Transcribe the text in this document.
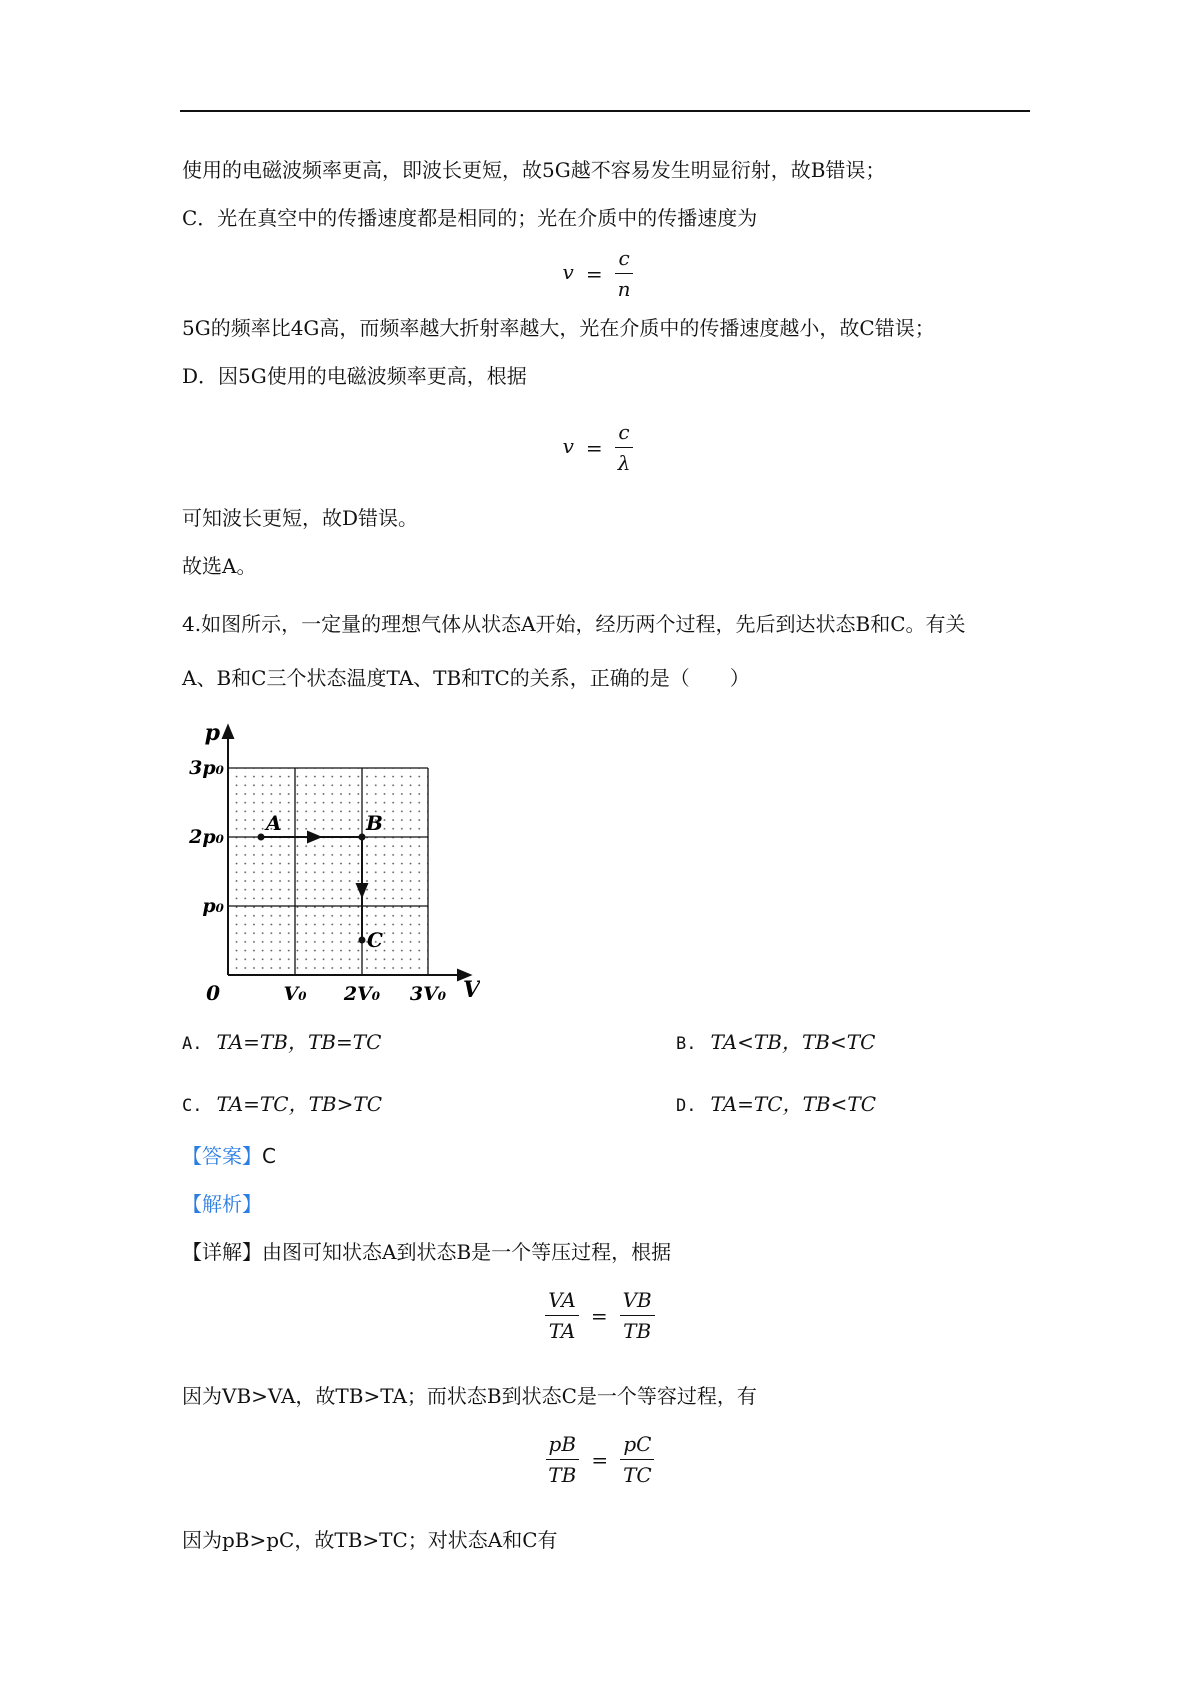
使用的电磁波频率更高，即波长更短，故5G越不容易发生明显衍射，故B错误；
C．光在真空中的传播速度都是相同的；光在介质中的传播速度为
$v = \frac{c}{n}$
5G的频率比4G高，而频率越大折射率越大，光在介质中的传播速度越小，故C错误；
D．因5G使用的电磁波频率更高，根据
$v = \frac{c}{\lambda}$
可知波长更短，故D错误。
故选A。
4.如图所示，一定量的理想气体从状态A开始，经历两个过程，先后到达状态B和C。有关
A、B和C三个状态温度TA、TB和TC的关系，正确的是（　　）
p
V
0
p₀
2p₀
3p₀
V₀ 2V₀ 3V₀
A	B
C
A. TA=TB，TB=TC	B. TA<TB，TB<TC
C. TA=TC，TB>TC	D. TA=TC，TB<TC
【答案】C
【解析】
【详解】由图可知状态A到状态B是一个等压过程，根据
$\frac{VA}{TA} = \frac{VB}{TB}$
因为VB>VA，故TB>TA；而状态B到状态C是一个等容过程，有
$\frac{pB}{TB} = \frac{pC}{TC}$
因为pB>pC，故TB>TC；对状态A和C有
